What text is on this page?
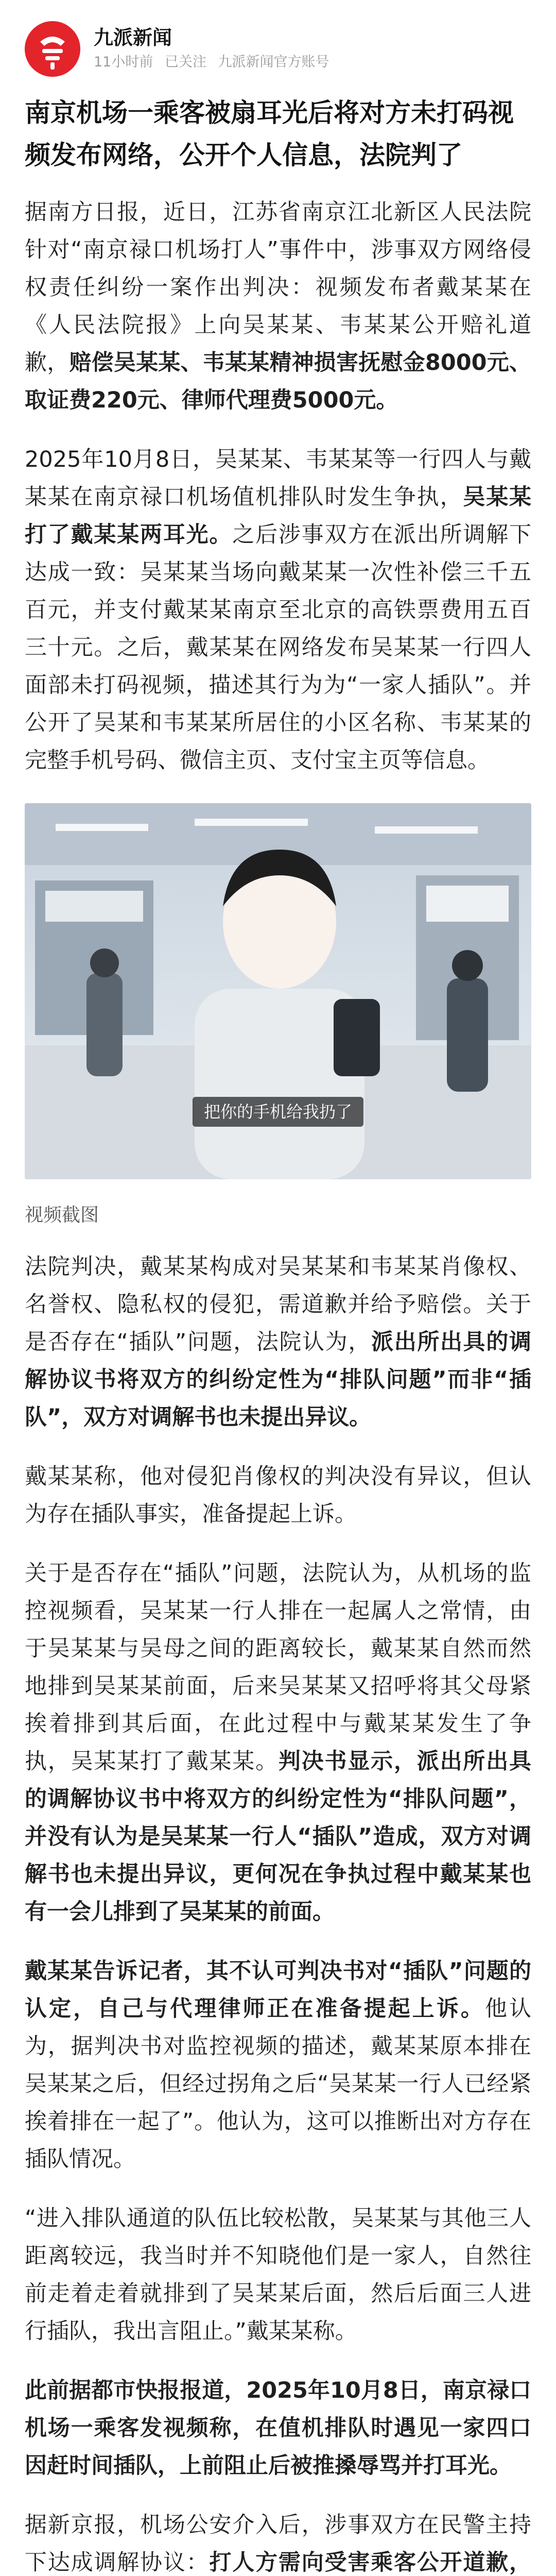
九派新闻
11小时前 已关注 九派新闻官方账号
南京机场一乘客被扇耳光后将对方未打码视频发布网络，公开个人信息，法院判了

据南方日报，近日，江苏省南京江北新区人民法院针对“南京禄口机场打人”事件中，涉事双方网络侵权责任纠纷一案作出判决：视频发布者戴某某在《人民法院报》上向吴某某、韦某某公开赔礼道歉，赔偿吴某某、韦某某精神损害抚慰金8000元、取证费220元、律师代理费5000元。

2025年10月8日，吴某某、韦某某等一行四人与戴某某在南京禄口机场值机排队时发生争执，吴某某打了戴某某两耳光。之后涉事双方在派出所调解下达成一致：吴某某当场向戴某某一次性补偿三千五百元，并支付戴某某南京至北京的高铁票费用五百三十元。之后，戴某某在网络发布吴某某一行四人面部未打码视频，描述其行为为“一家人插队”。并公开了吴某和韦某某所居住的小区名称、韦某某的完整手机号码、微信主页、支付宝主页等信息。

把你的手机给我扔了
视频截图

法院判决，戴某某构成对吴某某和韦某某肖像权、名誉权、隐私权的侵犯，需道歉并给予赔偿。关于是否存在“插队”问题，法院认为，派出所出具的调解协议书将双方的纠纷定性为“排队问题”而非“插队”，双方对调解书也未提出异议。

戴某某称，他对侵犯肖像权的判决没有异议，但认为存在插队事实，准备提起上诉。

关于是否存在“插队”问题，法院认为，从机场的监控视频看，吴某某一行人排在一起属人之常情，由于吴某某与吴母之间的距离较长，戴某某自然而然地排到吴某某前面，后来吴某某又招呼将其父母紧挨着排到其后面，在此过程中与戴某某发生了争执，吴某某打了戴某某。判决书显示，派出所出具的调解协议书中将双方的纠纷定性为“排队问题”，并没有认为是吴某某一行人“插队”造成，双方对调解书也未提出异议，更何况在争执过程中戴某某也有一会儿排到了吴某某的前面。

戴某某告诉记者，其不认可判决书对“插队”问题的认定，自己与代理律师正在准备提起上诉。他认为，据判决书对监控视频的描述，戴某某原本排在吴某某之后，但经过拐角之后“吴某某一行人已经紧挨着排在一起了”。他认为，这可以推断出对方存在插队情况。

“进入排队通道的队伍比较松散，吴某某与其他三人距离较远，我当时并不知晓他们是一家人，自然往前走着走着就排到了吴某某后面，然后后面三人进行插队，我出言阻止。”戴某某称。

此前据都市快报报道，2025年10月8日，南京禄口机场一乘客发视频称，在值机排队时遇见一家四口因赶时间插队，上前阻止后被推搡辱骂并打耳光。

据新京报，机场公安介入后，涉事双方在民警主持下达成调解协议：打人方需向受害乘客公开道歉，
